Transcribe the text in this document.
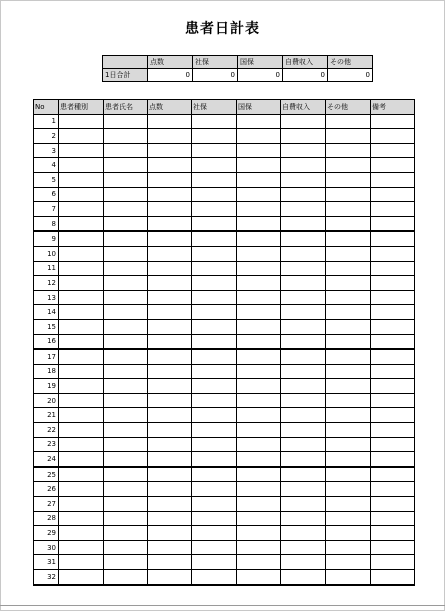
患者日計表
	点数	社保	国保	自費収入	その他
1日合計	0	0	0	0	0
No	患者種別	患者氏名	点数	社保	国保	自費収入	その他	備考
1								
2								
3								
4								
5								
6								
7								
8								
9								
10								
11								
12								
13								
14								
15								
16								
17								
18								
19								
20								
21								
22								
23								
24								
25								
26								
27								
28								
29								
30								
31								
32								
